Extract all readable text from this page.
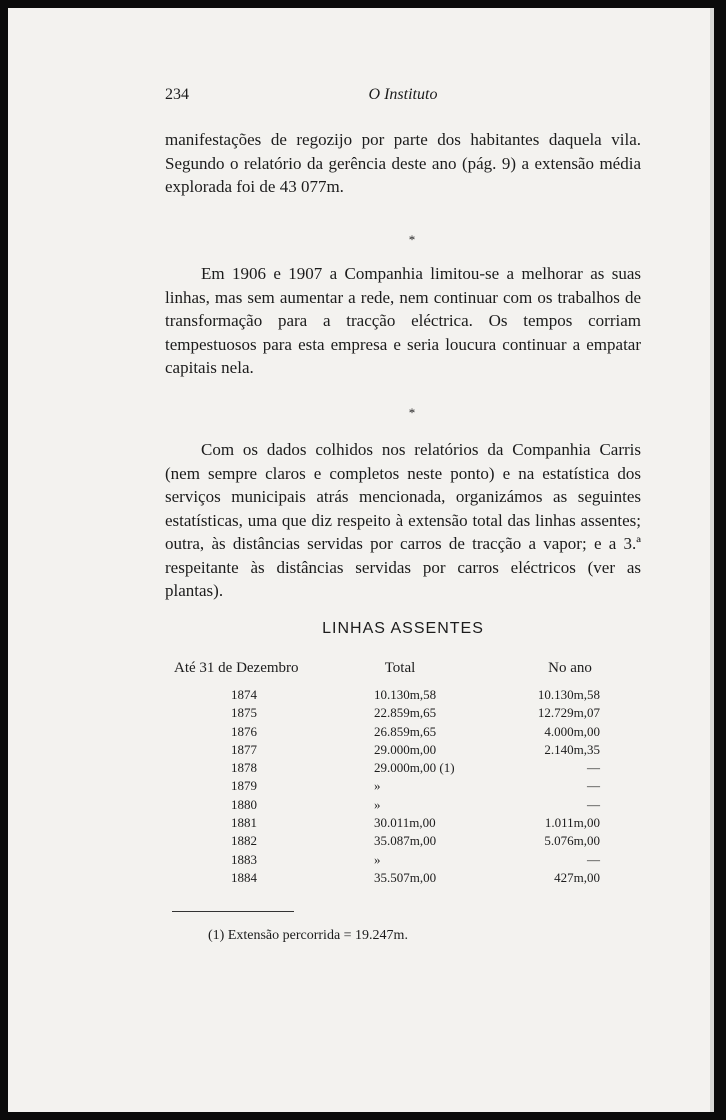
234	O Instituto

manifestações de regozijo por parte dos habitantes daquela vila. Segundo o relatório da gerência deste ano (pág. 9) a extensão média explorada foi de 43 077m.

*

Em 1906 e 1907 a Companhia limitou-se a melhorar as suas linhas, mas sem aumentar a rede, nem continuar com os trabalhos de transformação para a tracção eléctrica. Os tempos corriam tempestuosos para esta empresa e seria loucura continuar a empatar capitais nela.

*

Com os dados colhidos nos relatórios da Companhia Carris (nem sempre claros e completos neste ponto) e na estatística dos serviços municipais atrás mencionada, organizámos as seguintes estatísticas, uma que diz respeito à extensão total das linhas assentes; outra, às distâncias servidas por carros de tracção a vapor; e a 3.ª respeitante às distâncias servidas por carros eléctricos (ver as plantas).

LINHAS ASSENTES
Até 31 de Dezembro	Total	No ano
1874	10.130m,58	10.130m,58
1875	22.859m,65	12.729m,07
1876	26.859m,65	4.000m,00
1877	29.000m,00	2.140m,35
1878	29.000m,00 (1)	—
1879	»	—
1880	»	—
1881	30.011m,00	1.011m,00
1882	35.087m,00	5.076m,00
1883	»	—
1884	35.507m,00	427m,00
(1) Extensão percorrida = 19.247m.
